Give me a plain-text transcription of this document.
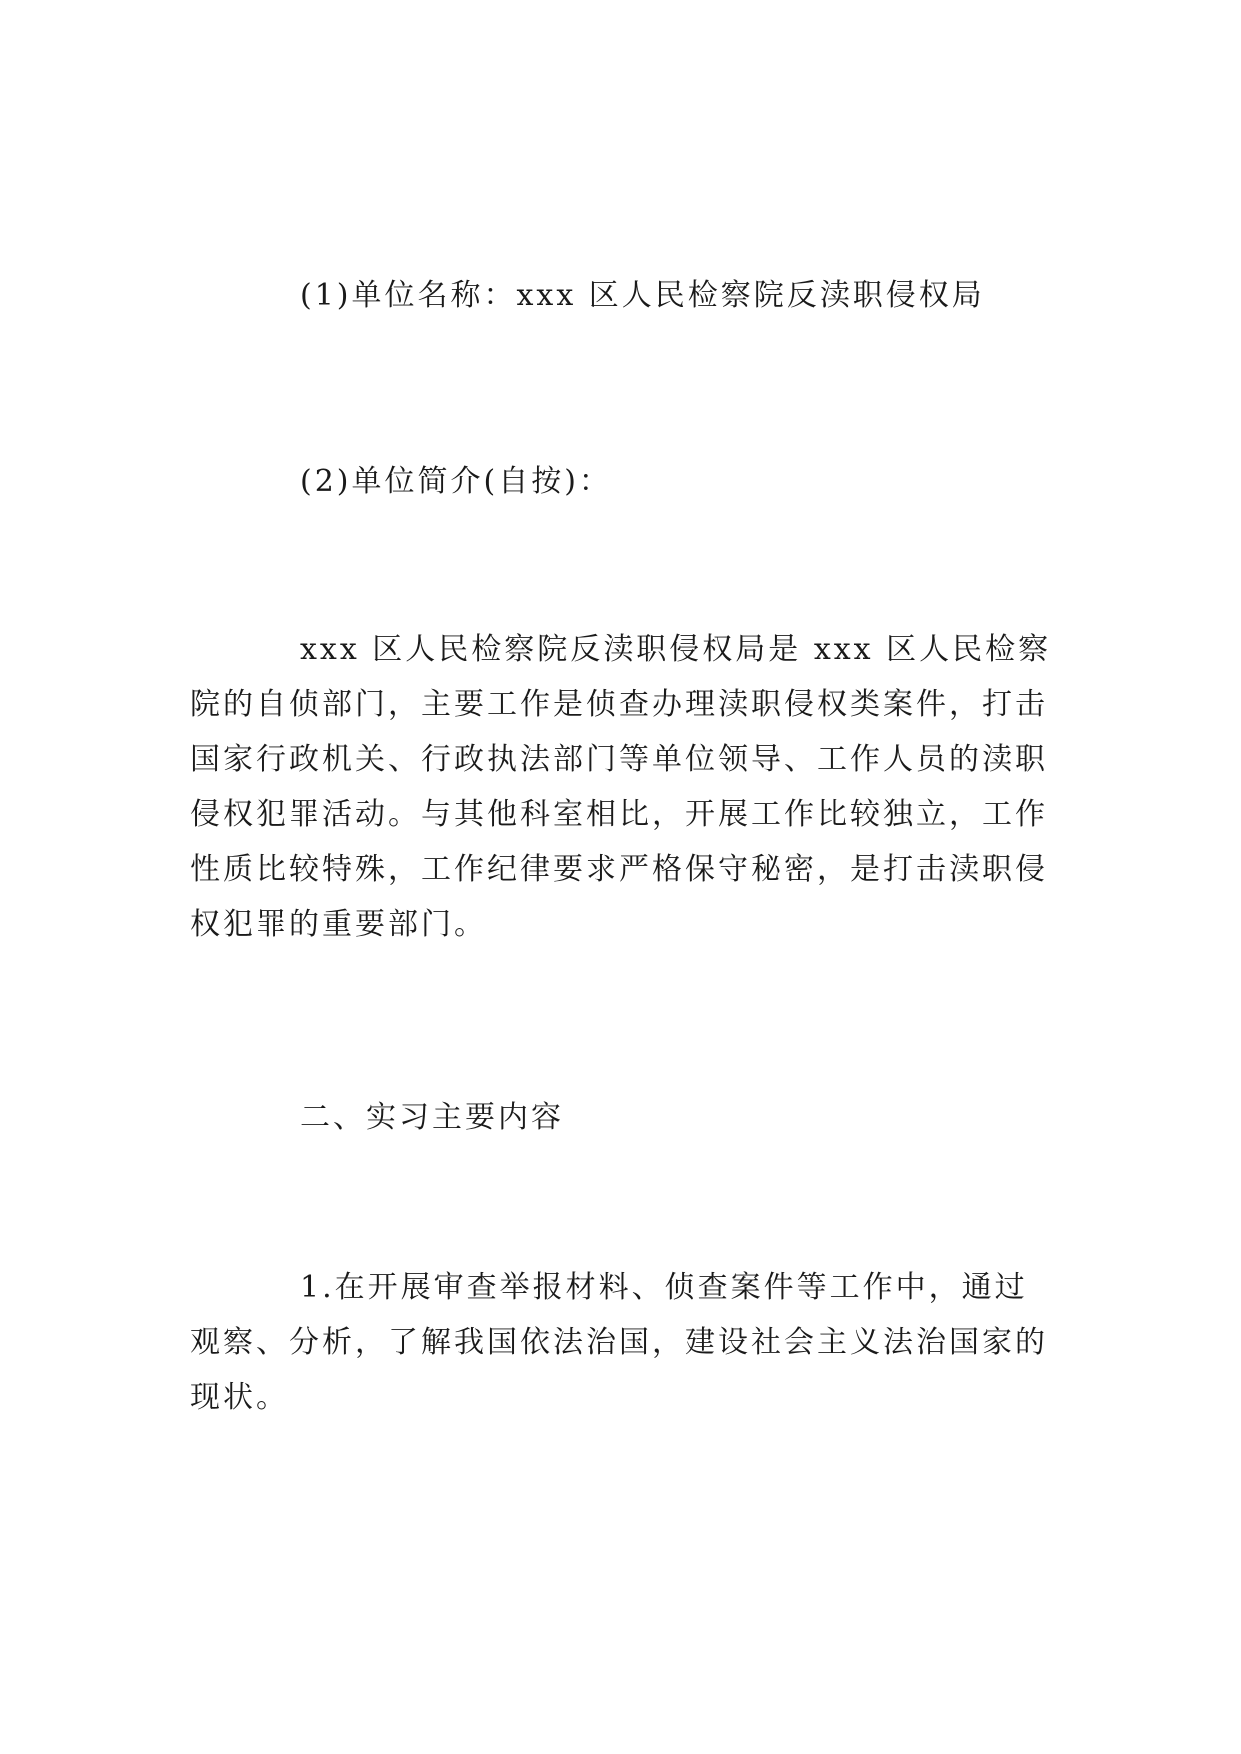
(1)单位名称：xxx 区人民检察院反渎职侵权局

(2)单位简介(自按)：

xxx 区人民检察院反渎职侵权局是 xxx 区人民检察院的自侦部门，主要工作是侦查办理渎职侵权类案件，打击国家行政机关、行政执法部门等单位领导、工作人员的渎职侵权犯罪活动。与其他科室相比，开展工作比较独立，工作性质比较特殊，工作纪律要求严格保守秘密，是打击渎职侵权犯罪的重要部门。

二、实习主要内容

1.在开展审查举报材料、侦查案件等工作中，通过观察、分析，了解我国依法治国，建设社会主义法治国家的现状。
